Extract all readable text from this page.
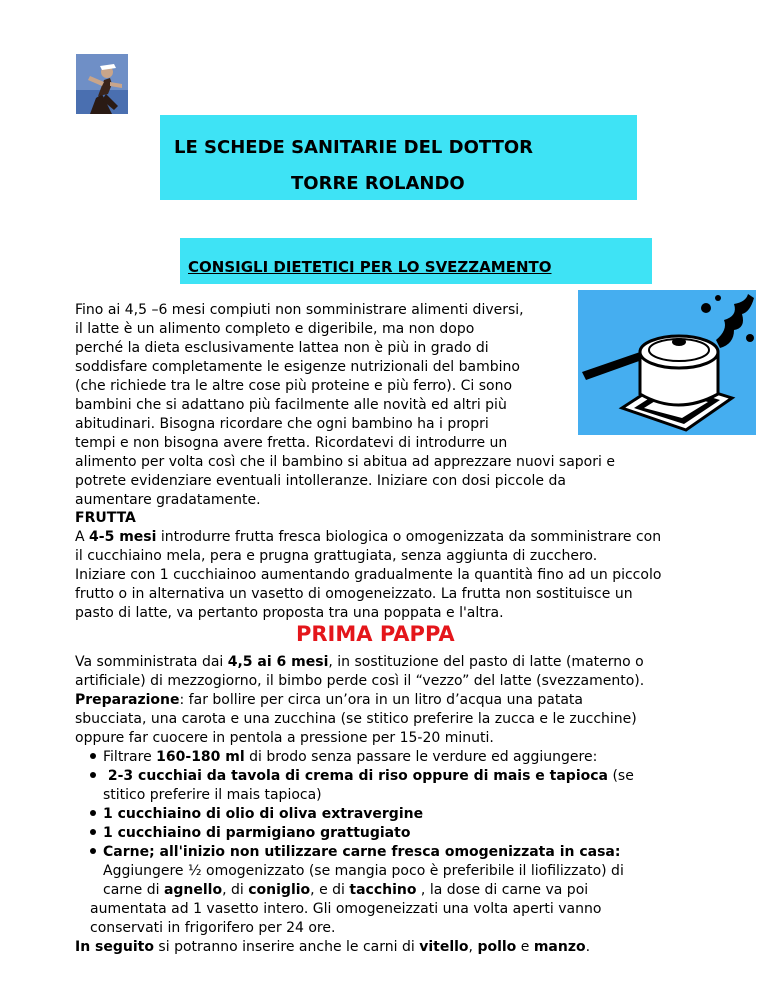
LE SCHEDE SANITARIE DEL DOTTOR
TORRE ROLANDO
CONSIGLI DIETETICI PER LO SVEZZAMENTO
Fino ai 4,5 –6 mesi compiuti non somministrare alimenti diversi,
il latte è un alimento completo e digeribile, ma non dopo
perché la dieta esclusivamente lattea non è più in grado di
soddisfare completamente le esigenze nutrizionali del bambino
(che richiede tra le altre cose più proteine e più ferro). Ci sono
bambini che si adattano più facilmente alle novità ed altri più
abitudinari. Bisogna ricordare che ogni bambino ha i propri
tempi e non bisogna avere fretta. Ricordatevi di introdurre un
alimento per volta così che il bambino si abitua ad apprezzare nuovi sapori e
potrete evidenziare eventuali intolleranze. Iniziare con dosi piccole da
aumentare gradatamente.
FRUTTA
A 4-5 mesi introdurre frutta fresca biologica o omogenizzata da somministrare con
il cucchiaino mela, pera e prugna grattugiata, senza aggiunta di zucchero.
Iniziare con 1 cucchiainoo aumentando gradualmente la quantità fino ad un piccolo
frutto o in alternativa un vasetto di omogeneizzato. La frutta non sostituisce un
pasto di latte, va pertanto proposta tra una poppata e l'altra.
PRIMA PAPPA
Va somministrata dai 4,5 ai 6 mesi, in sostituzione del pasto di latte (materno o
artificiale) di mezzogiorno, il bimbo perde così il “vezzo” del latte (svezzamento).
Preparazione: far bollire per circa un’ora in un litro d’acqua una patata
sbucciata, una carota e una zucchina (se stitico preferire la zucca e le zucchine)
oppure far cuocere in pentola a pressione per 15-20 minuti.
Filtrare 160-180 ml di brodo senza passare le verdure ed aggiungere:
2-3 cucchiai da tavola di crema di riso oppure di mais e tapioca (se
stitico preferire il mais tapioca)
1 cucchiaino di olio di oliva extravergine
1 cucchiaino di parmigiano grattugiato
Carne; all'inizio non utilizzare carne fresca omogenizzata in casa:
Aggiungere ½ omogenizzato (se mangia poco è preferibile il liofilizzato) di
carne di agnello, di coniglio, e di tacchino , la dose di carne va poi
aumentata ad 1 vasetto intero. Gli omogeneizzati una volta aperti vanno
conservati in frigorifero per 24 ore.
In seguito si potranno inserire anche le carni di vitello, pollo e manzo.
